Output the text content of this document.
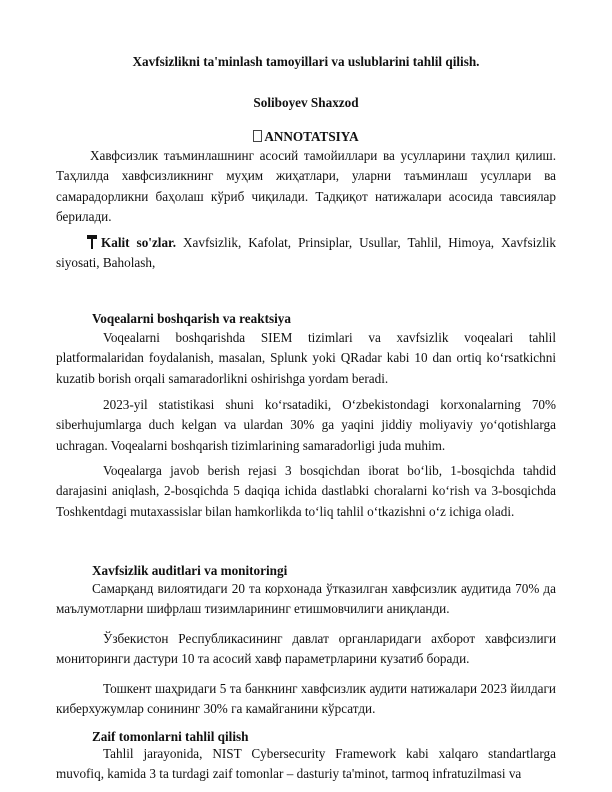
Xavfsizlikni ta'minlash tamoyillari va uslublarini tahlil qilish.
Soliboyev Shaxzod
ANNOTATSIYA

Хавфсизлик таъминлашнинг асосий тамойиллари ва усулларини таҳлил қилиш. Таҳлилда хавфсизликнинг муҳим жиҳатлари, уларни таъминлаш усуллари ва самарадорликни баҳолаш кўриб чиқилади. Тадқиқот натижалари асосида тавсиялар берилади.

Kalit so'zlar. Xavfsizlik, Kafolat, Prinsiplar, Usullar, Tahlil, Himoya, Xavfsizlik siyosati, Baholash,

Voqealarni boshqarish va reaktsiya

Voqealarni boshqarishda SIEM tizimlari va xavfsizlik voqealari tahlil platformalaridan foydalanish, masalan, Splunk yoki QRadar kabi 10 dan ortiq koʻrsatkichni kuzatib borish orqali samaradorlikni oshirishga yordam beradi.

2023-yil statistikasi shuni koʻrsatadiki, Oʻzbekistondagi korxonalarning 70% siberhujumlarga duch kelgan va ulardan 30% ga yaqini jiddiy moliyaviy yoʻqotishlarga uchragan. Voqealarni boshqarish tizimlarining samaradorligi juda muhim.

Voqealarga javob berish rejasi 3 bosqichdan iborat boʻlib, 1-bosqichda tahdid darajasini aniqlash, 2-bosqichda 5 daqiqa ichida dastlabki choralarni koʻrish va 3-bosqichda Toshkentdagi mutaxassislar bilan hamkorlikda toʻliq tahlil oʻtkazishni oʻz ichiga oladi.

Xavfsizlik auditlari va monitoringi

Самарқанд вилоятидаги 20 та корхонада ўтказилган хавфсизлик аудитида 70% да маълумотларни шифрлаш тизимларининг етишмовчилиги аниқланди.

Ўзбекистон Республикасининг давлат органларидаги ахборот хавфсизлиги мониторинги дастури 10 та асосий хавф параметрларини кузатиб боради.

Тошкент шаҳридаги 5 та банкнинг хавфсизлик аудити натижалари 2023 йилдаги киберхужумлар сонининг 30% га камайганини кўрсатди.

Zaif tomonlarni tahlil qilish

Tahlil jarayonida, NIST Cybersecurity Framework kabi xalqaro standartlarga muvofiq, kamida 3 ta turdagi zaif tomonlar – dasturiy ta'minot, tarmoq infratuzilmasi va
